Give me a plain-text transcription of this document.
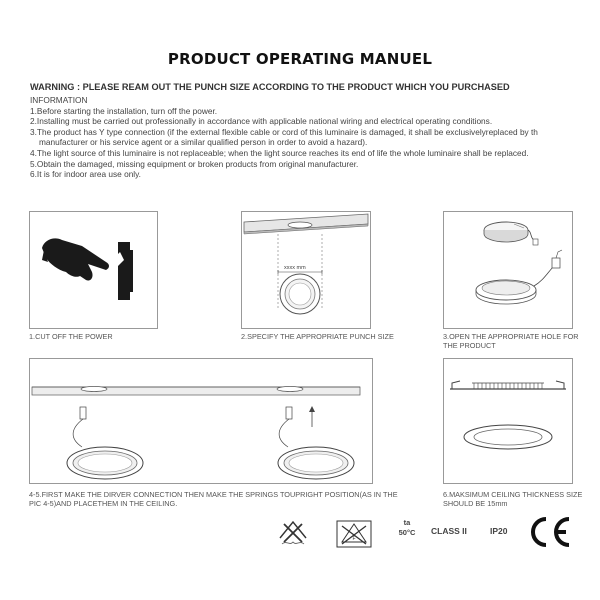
PRODUCT OPERATING MANUEL
WARNING : PLEASE REAM OUT THE PUNCH SIZE ACCORDING TO THE PRODUCT WHICH YOU PURCHASED
INFORMATION
1.Before starting the installation, turn off the power.
2.Installing must be carried out professionally in accordance with applicable national wiring and electrical operating conditions.
3.The product has Y type connection (if the external flexible cable or cord of this luminaire is damaged, it shall be exclusivelyreplaced by th
manufacturer or his service agent or a similar qualified person in order to avoid a hazard).
4.The light source of this luminaire is not replaceable; when the light source reaches its end of life the whole luminaire shall be replaced.
5.Obtain the damaged, missing equipment or broken products from original manufacturer.
6.It is for indoor area use only.
1.CUT OFF THE POWER
xxxx mm
2.SPECIFY THE APPROPRIATE PUNCH SIZE	3.OPEN THE APPROPRIATE HOLE FOR
THE PRODUCT
4-5.FIRST MAKE THE DIRVER CONNECTION THEN MAKE THE SPRINGS TOUPRIGHT POSITION(AS IN THE
PIC 4-5)AND PLACETHEM IN THE CEILING.
6.MAKSIMUM CEILING THICKNESS SIZE
SHOULD BE 15mm
F
ta
50°C	CLASS II	IP20
